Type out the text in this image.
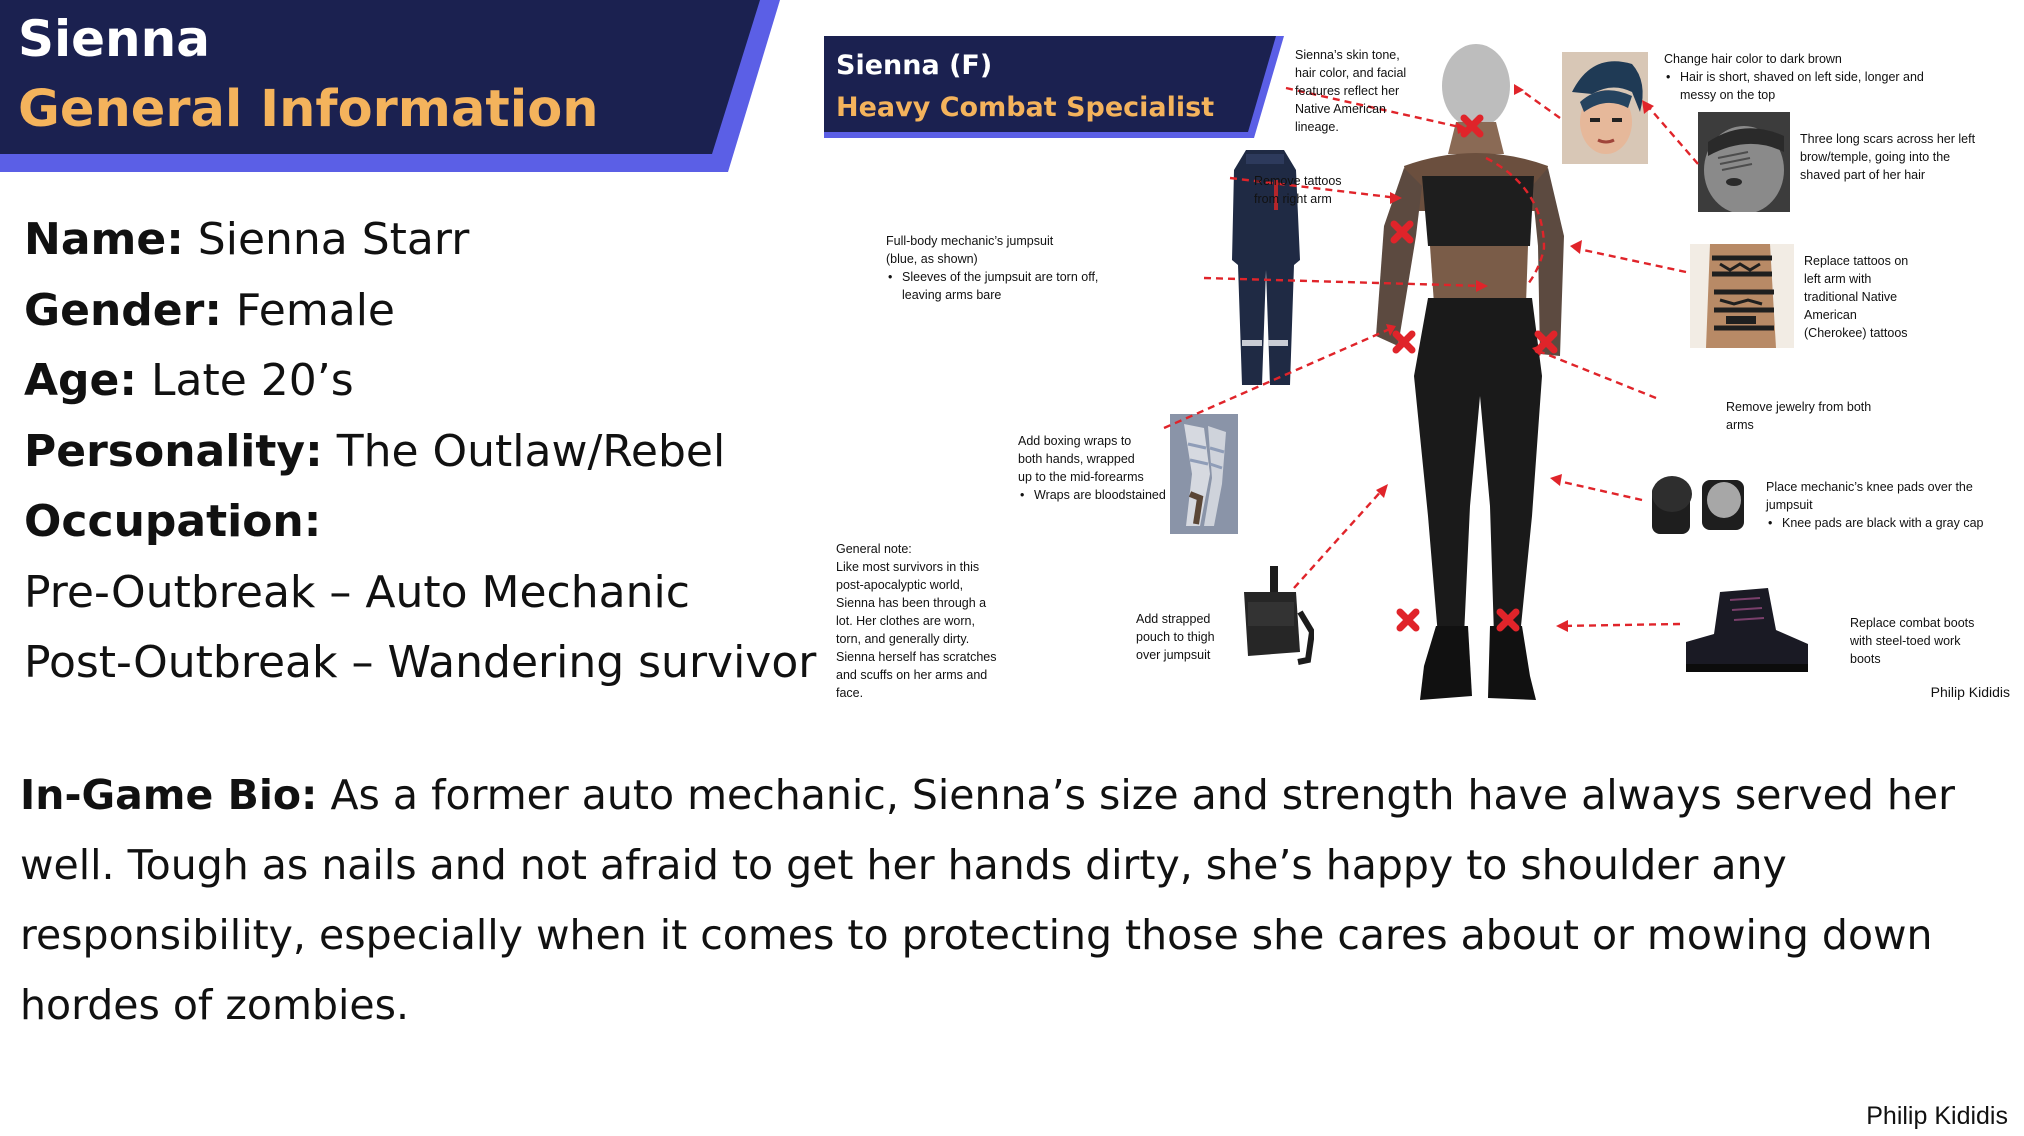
Sienna
General Information
Name: Sienna Starr
Gender: Female
Age: Late 20’s
Personality: The Outlaw/Rebel
Occupation:
Pre-Outbreak – Auto Mechanic
Post-Outbreak – Wandering survivor
Sienna (F)
Heavy Combat Specialist
Sienna’s skin tone,
hair color, and facial
features reflect her
Native American
lineage.
Change hair color to dark brown
• Hair is short, shaved on left side, longer and messy on the top
Three long scars across her left
brow/temple, going into the
shaved part of her hair
Remove tattoos
from right arm
Full-body mechanic’s jumpsuit
(blue, as shown)
• Sleeves of the jumpsuit are torn off, leaving arms bare
Replace tattoos on
left arm with
traditional Native
American
(Cherokee) tattoos
Remove jewelry from both
arms
Add boxing wraps to
both hands, wrapped
up to the mid-forearms
• Wraps are bloodstained
Place mechanic’s knee pads over the jumpsuit
• Knee pads are black with a gray cap
General note:
Like most survivors in this
post-apocalyptic world,
Sienna has been through a
lot. Her clothes are worn,
torn, and generally dirty.
Sienna herself has scratches
and scuffs on her arms and
face.
Add strapped
pouch to thigh
over jumpsuit
Replace combat boots
with steel-toed work
boots
Philip Kididis
In-Game Bio: As a former auto mechanic, Sienna’s size and strength have always served her well. Tough as nails and not afraid to get her hands dirty, she’s happy to shoulder any responsibility, especially when it comes to protecting those she cares about or mowing down hordes of zombies.
Philip Kididis
